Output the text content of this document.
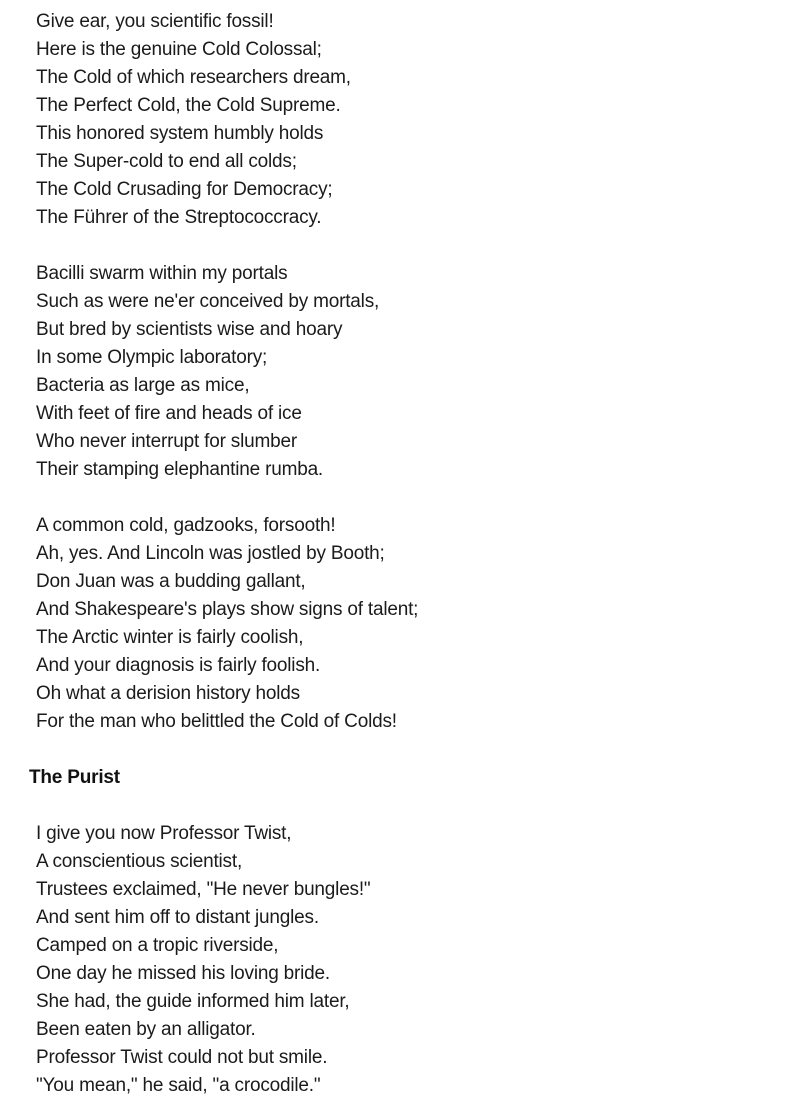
Give ear, you scientific fossil!

Here is the genuine Cold Colossal;

The Cold of which researchers dream,

The Perfect Cold, the Cold Supreme.

This honored system humbly holds

The Super-cold to end all colds;

The Cold Crusading for Democracy;

The Führer of the Streptococcracy.

Bacilli swarm within my portals

Such as were ne'er conceived by mortals,

But bred by scientists wise and hoary

In some Olympic laboratory;

Bacteria as large as mice,

With feet of fire and heads of ice

Who never interrupt for slumber

Their stamping elephantine rumba.

A common cold, gadzooks, forsooth!

Ah, yes. And Lincoln was jostled by Booth;

Don Juan was a budding gallant,

And Shakespeare's plays show signs of talent;

The Arctic winter is fairly coolish,

And your diagnosis is fairly foolish.

Oh what a derision history holds

For the man who belittled the Cold of Colds!

The Purist

I give you now Professor Twist,

A conscientious scientist,

Trustees exclaimed, "He never bungles!"

And sent him off to distant jungles.

Camped on a tropic riverside,

One day he missed his loving bride.

She had, the guide informed him later,

Been eaten by an alligator.

Professor Twist could not but smile.

"You mean," he said, "a crocodile."
